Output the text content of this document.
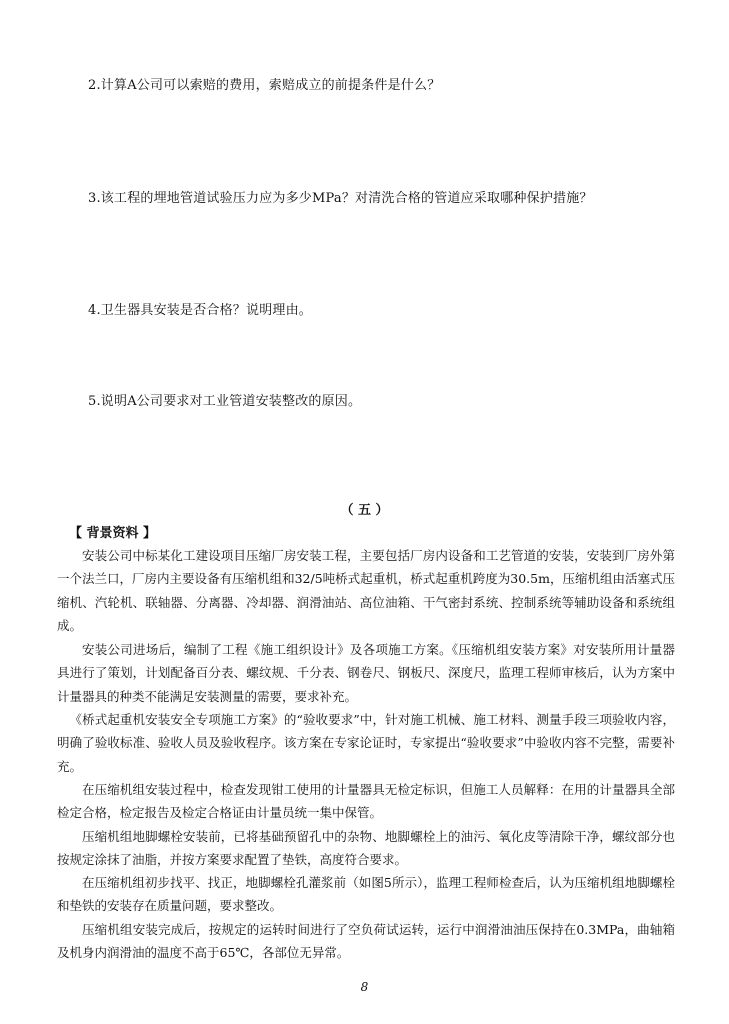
2.计算A公司可以索赔的费用，索赔成立的前提条件是什么？
3.该工程的埋地管道试验压力应为多少MPa？对清洗合格的管道应采取哪种保护措施？
4.卫生器具安装是否合格？说明理由。
5.说明A公司要求对工业管道安装整改的原因。
（ 五 ）
【 背景资料 】

安装公司中标某化工建设项目压缩厂房安装工程，主要包括厂房内设备和工艺管道的安装，安装到厂房外第一个法兰口，厂房内主要设备有压缩机组和32/5吨桥式起重机，桥式起重机跨度为30.5m，压缩机组由活塞式压缩机、汽轮机、联轴器、分离器、冷却器、润滑油站、高位油箱、干气密封系统、控制系统等辅助设备和系统组成。

安装公司进场后，编制了工程《施工组织设计》及各项施工方案。《压缩机组安装方案》对安装所用计量器具进行了策划，计划配备百分表、螺纹规、千分表、钢卷尺、钢板尺、深度尺，监理工程师审核后，认为方案中计量器具的种类不能满足安装测量的需要，要求补充。

《桥式起重机安装安全专项施工方案》的“验收要求”中，针对施工机械、施工材料、测量手段三项验收内容，明确了验收标准、验收人员及验收程序。该方案在专家论证时，专家提出“验收要求”中验收内容不完整，需要补充。

在压缩机组安装过程中，检查发现钳工使用的计量器具无检定标识，但施工人员解释：在用的计量器具全部检定合格，检定报告及检定合格证由计量员统一集中保管。

压缩机组地脚螺栓安装前，已将基础预留孔中的杂物、地脚螺栓上的油污、氧化皮等清除干净，螺纹部分也按规定涂抹了油脂，并按方案要求配置了垫铁，高度符合要求。

在压缩机组初步找平、找正，地脚螺栓孔灌浆前（如图5所示），监理工程师检查后，认为压缩机组地脚螺栓和垫铁的安装存在质量问题，要求整改。

压缩机组安装完成后，按规定的运转时间进行了空负荷试运转，运行中润滑油油压保持在0.3MPa，曲轴箱及机身内润滑油的温度不高于65℃，各部位无异常。

8
